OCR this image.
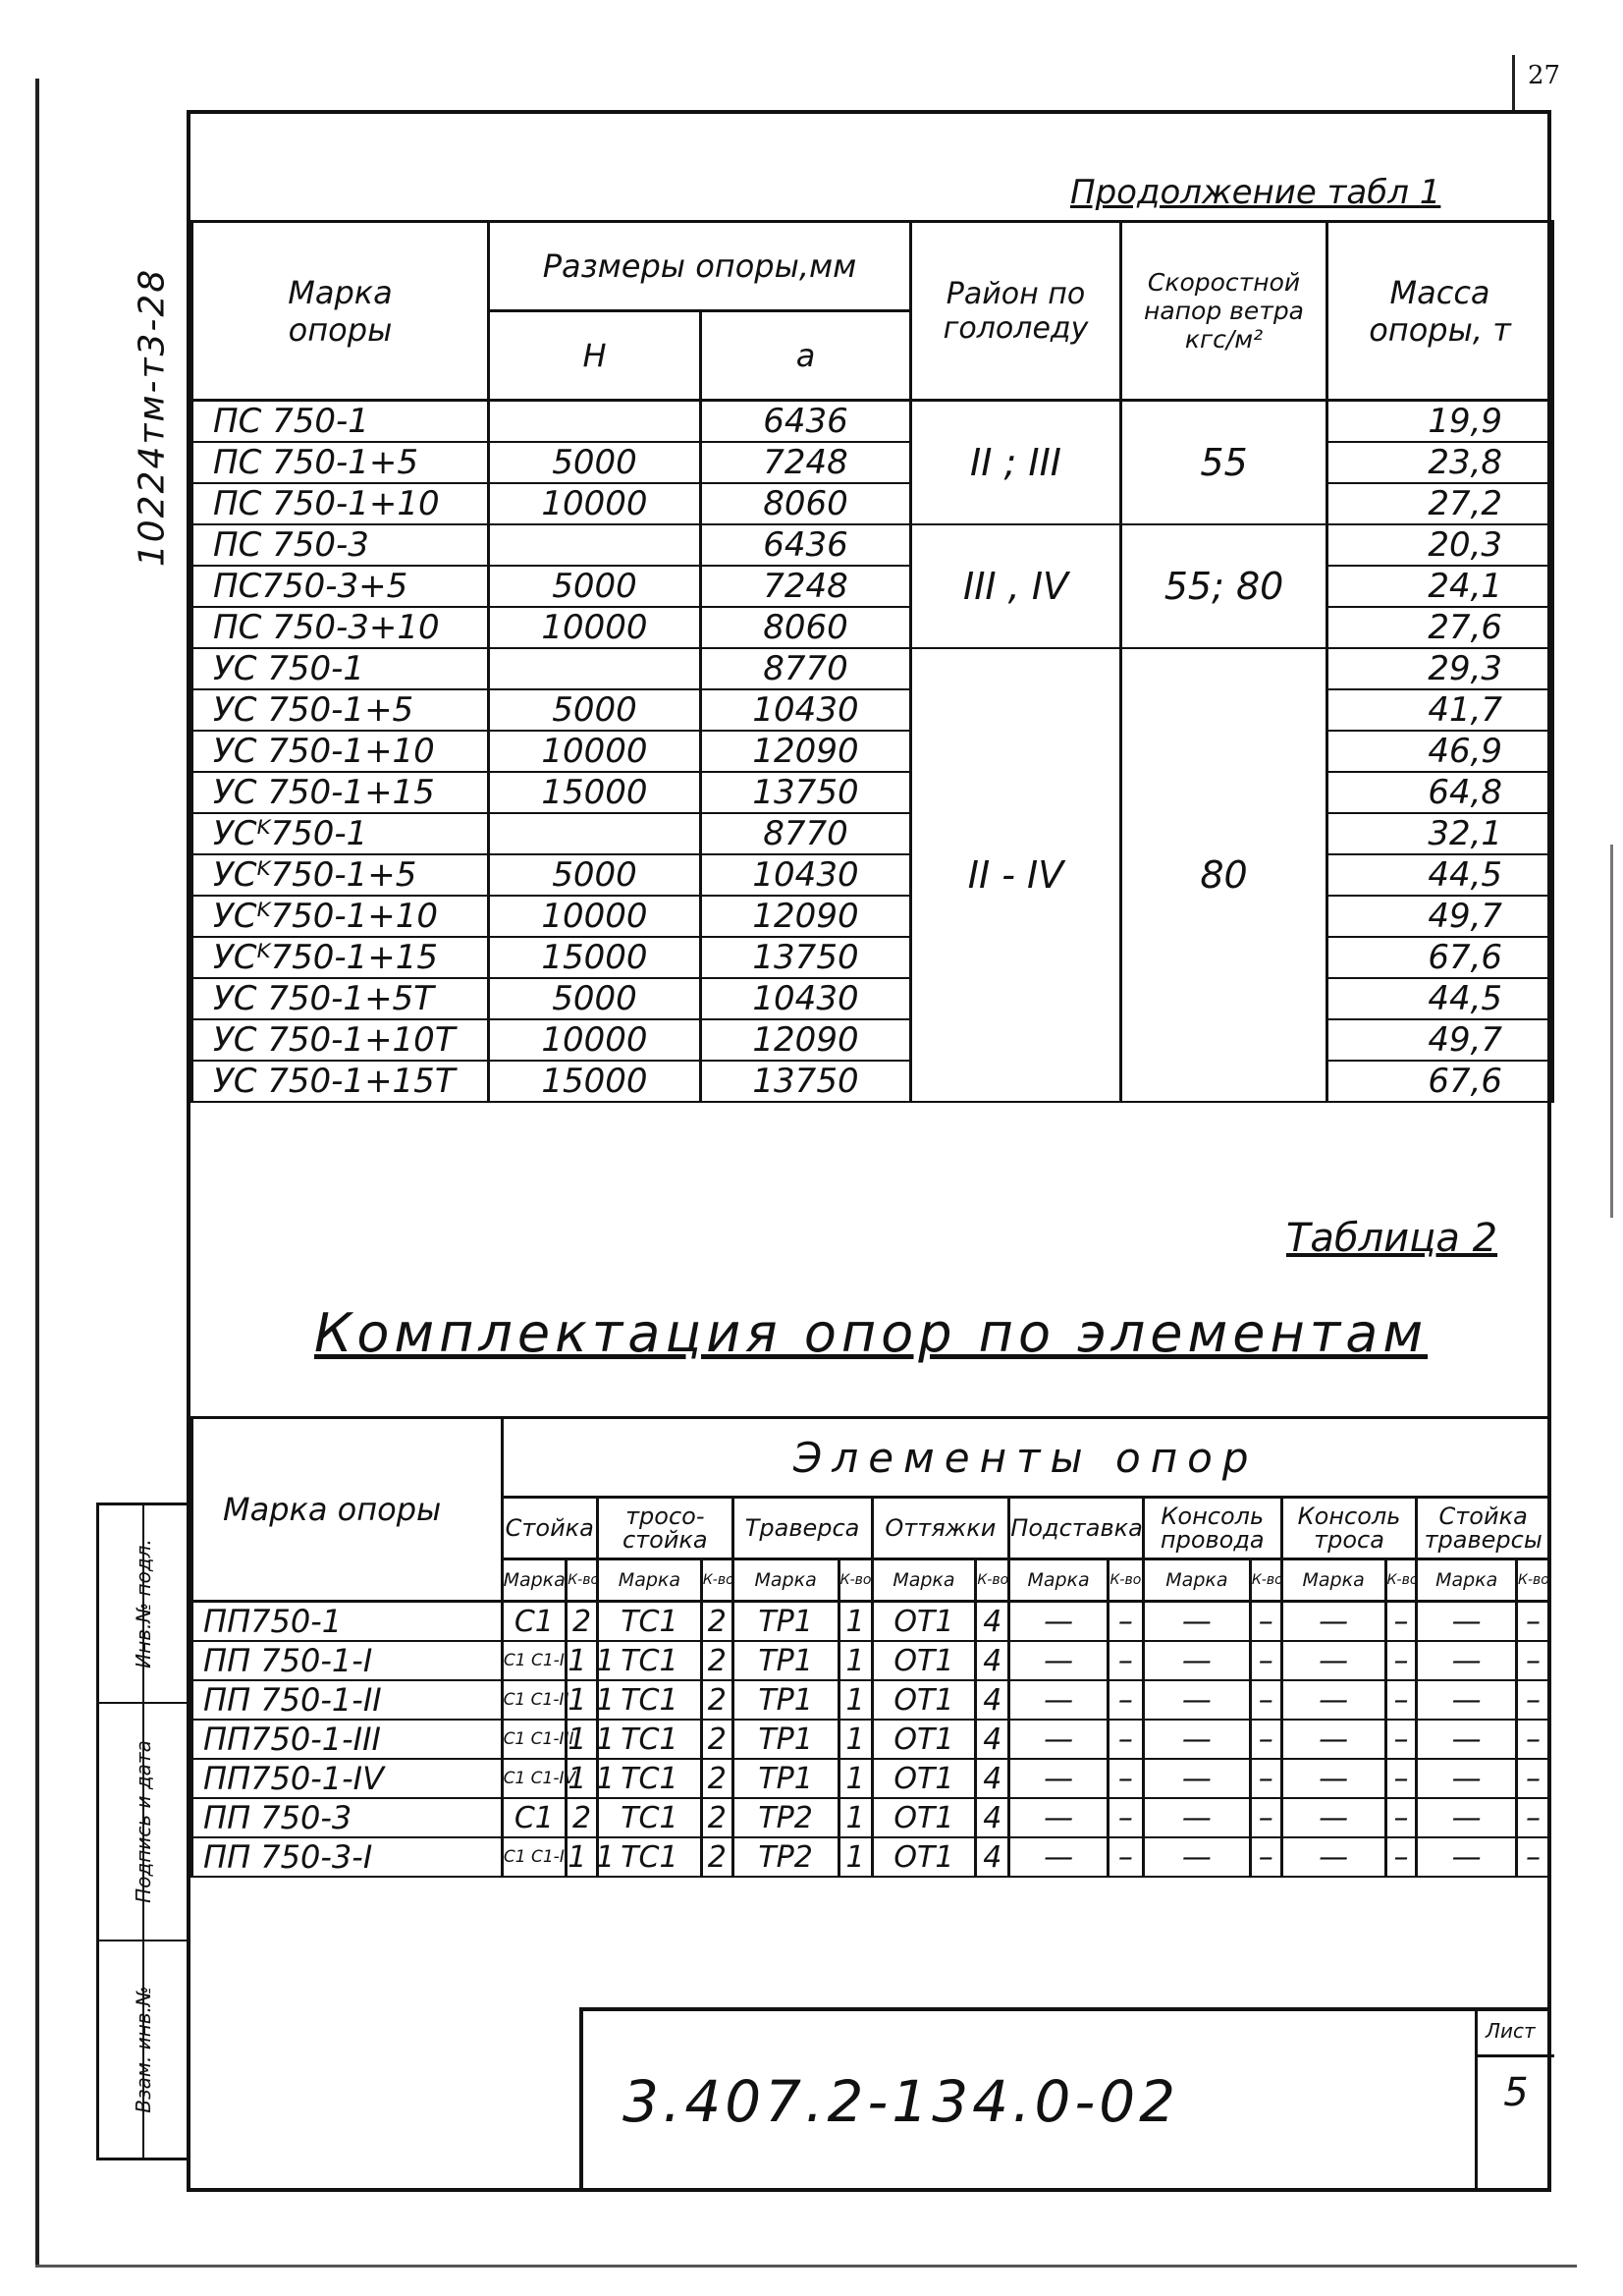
27
10224тм-т3-28
Инв.№ подл.
Подпись и дата
Взам. инв.№
Продолжение табл 1
Марка опоры	Размеры опоры,мм		Район по гололеду	Скоростной напор ветра кгс/м²	Масса опоры, т
	H	a			
ПС 750-1		6436	II ; III	55	19,9
ПС 750-1+5	5000	7248			23,8
ПС 750-1+10	10000	8060			27,2
ПС 750-3		6436	III , IV	55; 80	20,3
ПС750-3+5	5000	7248			24,1
ПС 750-3+10	10000	8060			27,6
УС 750-1		8770	II - IV	80	29,3
УС 750-1+5	5000	10430			41,7
УС 750-1+10	10000	12090			46,9
УС 750-1+15	15000	13750			64,8
УСᴷ750-1		8770			32,1
УСᴷ750-1+5	5000	10430			44,5
УСᴷ750-1+10	10000	12090			49,7
УСᴷ750-1+15	15000	13750			67,6
УС 750-1+5Т	5000	10430			44,5
УС 750-1+10Т	10000	12090			49,7
УС 750-1+15Т	15000	13750			67,6
Таблица 2
Комплектация опор по элементам
Марка опоры	Элементы опор															
	Стойка		тросо- стойка		Траверса		Оттяжки		Подставка		Консоль провода		Консоль троса		Стойка траверсы	
	Марка	К-во	Марка	К-во	Марка	К-во	Марка	К-во	Марка	К-во	Марка	К-во	Марка	К-во	Марка	К-во
ПП750-1	С1	2	ТС1	2	ТР1	1	ОТ1	4	—	–	—	–	—	–	—	–
ПП 750-1-I	С1 С1-I	1 1	ТС1	2	ТР1	1	ОТ1	4	—	–	—	–	—	–	—	–
ПП 750-1-II	С1 С1-II	1 1	ТС1	2	ТР1	1	ОТ1	4	—	–	—	–	—	–	—	–
ПП750-1-III	С1 С1-III	1 1	ТС1	2	ТР1	1	ОТ1	4	—	–	—	–	—	–	—	–
ПП750-1-IV	С1 С1-IV	1 1	ТС1	2	ТР1	1	ОТ1	4	—	–	—	–	—	–	—	–
ПП 750-3	С1	2	ТС1	2	ТР2	1	ОТ1	4	—	–	—	–	—	–	—	–
ПП 750-3-I	С1 С1-I	1 1	ТС1	2	ТР2	1	ОТ1	4	—	–	—	–	—	–	—	–
3.407.2-134.0-02
Лист
5
